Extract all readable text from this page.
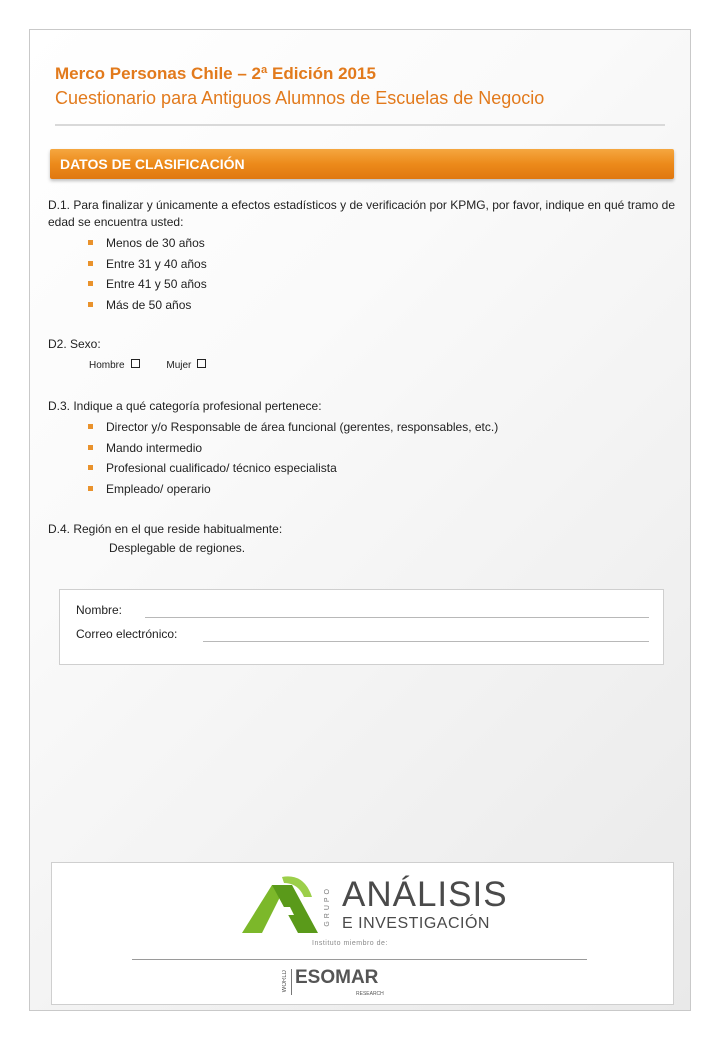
Merco Personas Chile – 2ª Edición 2015
Cuestionario para Antiguos Alumnos de Escuelas de Negocio
DATOS DE CLASIFICACIÓN
D.1. Para finalizar y únicamente a efectos estadísticos y de verificación por KPMG, por favor, indique en qué tramo de edad se encuentra usted:
Menos de 30 años
Entre 31 y 40 años
Entre 41 y 50 años
Más de 50 años
D2. Sexo:
Hombre	Mujer
D.3. Indique a qué categoría profesional pertenece:
Director y/o Responsable de área funcional (gerentes, responsables, etc.)
Mando intermedio
Profesional cualificado/ técnico especialista
Empleado/ operario
D.4. Región en el que reside habitualmente:
Desplegable de regiones.
Nombre:
Correo electrónico:
GRUPO ANÁLISIS
E INVESTIGACIÓN
Instituto miembro de:
WORLD ESOMAR
RESEARCH
